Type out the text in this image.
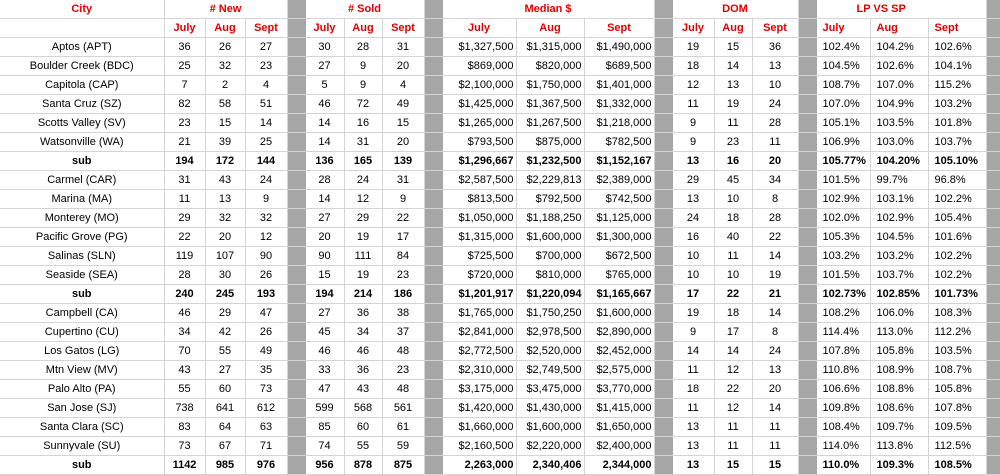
City	# New				# Sold				Median $				DOM				LP VS SP			
	July	Aug	Sept		July	Aug	Sept		July	Aug	Sept		July	Aug	Sept		July	Aug	Sept	
Aptos (APT)	36	26	27		30	28	31		$1,327,500	$1,315,000	$1,490,000		19	15	36		102.4%	104.2%	102.6%	
Boulder Creek (BDC)	25	32	23		27	9	20		$869,000	$820,000	$689,500		18	14	13		104.5%	102.6%	104.1%	
Capitola (CAP)	7	2	4		5	9	4		$2,100,000	$1,750,000	$1,401,000		12	13	10		108.7%	107.0%	115.2%	
Santa Cruz (SZ)	82	58	51		46	72	49		$1,425,000	$1,367,500	$1,332,000		11	19	24		107.0%	104.9%	103.2%	
Scotts Valley (SV)	23	15	14		14	16	15		$1,265,000	$1,267,500	$1,218,000		9	11	28		105.1%	103.5%	101.8%	
Watsonville (WA)	21	39	25		14	31	20		$793,500	$875,000	$782,500		9	23	11		106.9%	103.0%	103.7%	
sub	194	172	144		136	165	139		$1,296,667	$1,232,500	$1,152,167		13	16	20		105.77%	104.20%	105.10%	
Carmel (CAR)	31	43	24		28	24	31		$2,587,500	$2,229,813	$2,389,000		29	45	34		101.5%	99.7%	96.8%	
Marina (MA)	11	13	9		14	12	9		$813,500	$792,500	$742,500		13	10	8		102.9%	103.1%	102.2%	
Monterey (MO)	29	32	32		27	29	22		$1,050,000	$1,188,250	$1,125,000		24	18	28		102.0%	102.9%	105.4%	
Pacific Grove (PG)	22	20	12		20	19	17		$1,315,000	$1,600,000	$1,300,000		16	40	22		105.3%	104.5%	101.6%	
Salinas (SLN)	119	107	90		90	111	84		$725,500	$700,000	$672,500		10	11	14		103.2%	103.2%	102.2%	
Seaside (SEA)	28	30	26		15	19	23		$720,000	$810,000	$765,000		10	10	19		101.5%	103.7%	102.2%	
sub	240	245	193		194	214	186		$1,201,917	$1,220,094	$1,165,667		17	22	21		102.73%	102.85%	101.73%	
Campbell (CA)	46	29	47		27	36	38		$1,765,000	$1,750,250	$1,600,000		19	18	14		108.2%	106.0%	108.3%	
Cupertino (CU)	34	42	26		45	34	37		$2,841,000	$2,978,500	$2,890,000		9	17	8		114.4%	113.0%	112.2%	
Los Gatos (LG)	70	55	49		46	46	48		$2,772,500	$2,520,000	$2,452,000		14	14	24		107.8%	105.8%	103.5%	
Mtn View (MV)	43	27	35		33	36	23		$2,310,000	$2,749,500	$2,575,000		11	12	13		110.8%	108.9%	108.7%	
Palo Alto (PA)	55	60	73		47	43	48		$3,175,000	$3,475,000	$3,770,000		18	22	20		106.6%	108.8%	105.8%	
San Jose (SJ)	738	641	612		599	568	561		$1,420,000	$1,430,000	$1,415,000		11	12	14		109.8%	108.6%	107.8%	
Santa Clara (SC)	83	64	63		85	60	61		$1,660,000	$1,600,000	$1,650,000		13	11	11		108.4%	109.7%	109.5%	
Sunnyvale (SU)	73	67	71		74	55	59		$2,160,500	$2,220,000	$2,400,000		13	11	11		114.0%	113.8%	112.5%	
sub	1142	985	976		956	878	875		2,263,000	2,340,406	2,344,000		13	15	15		110.0%	109.3%	108.5%	
